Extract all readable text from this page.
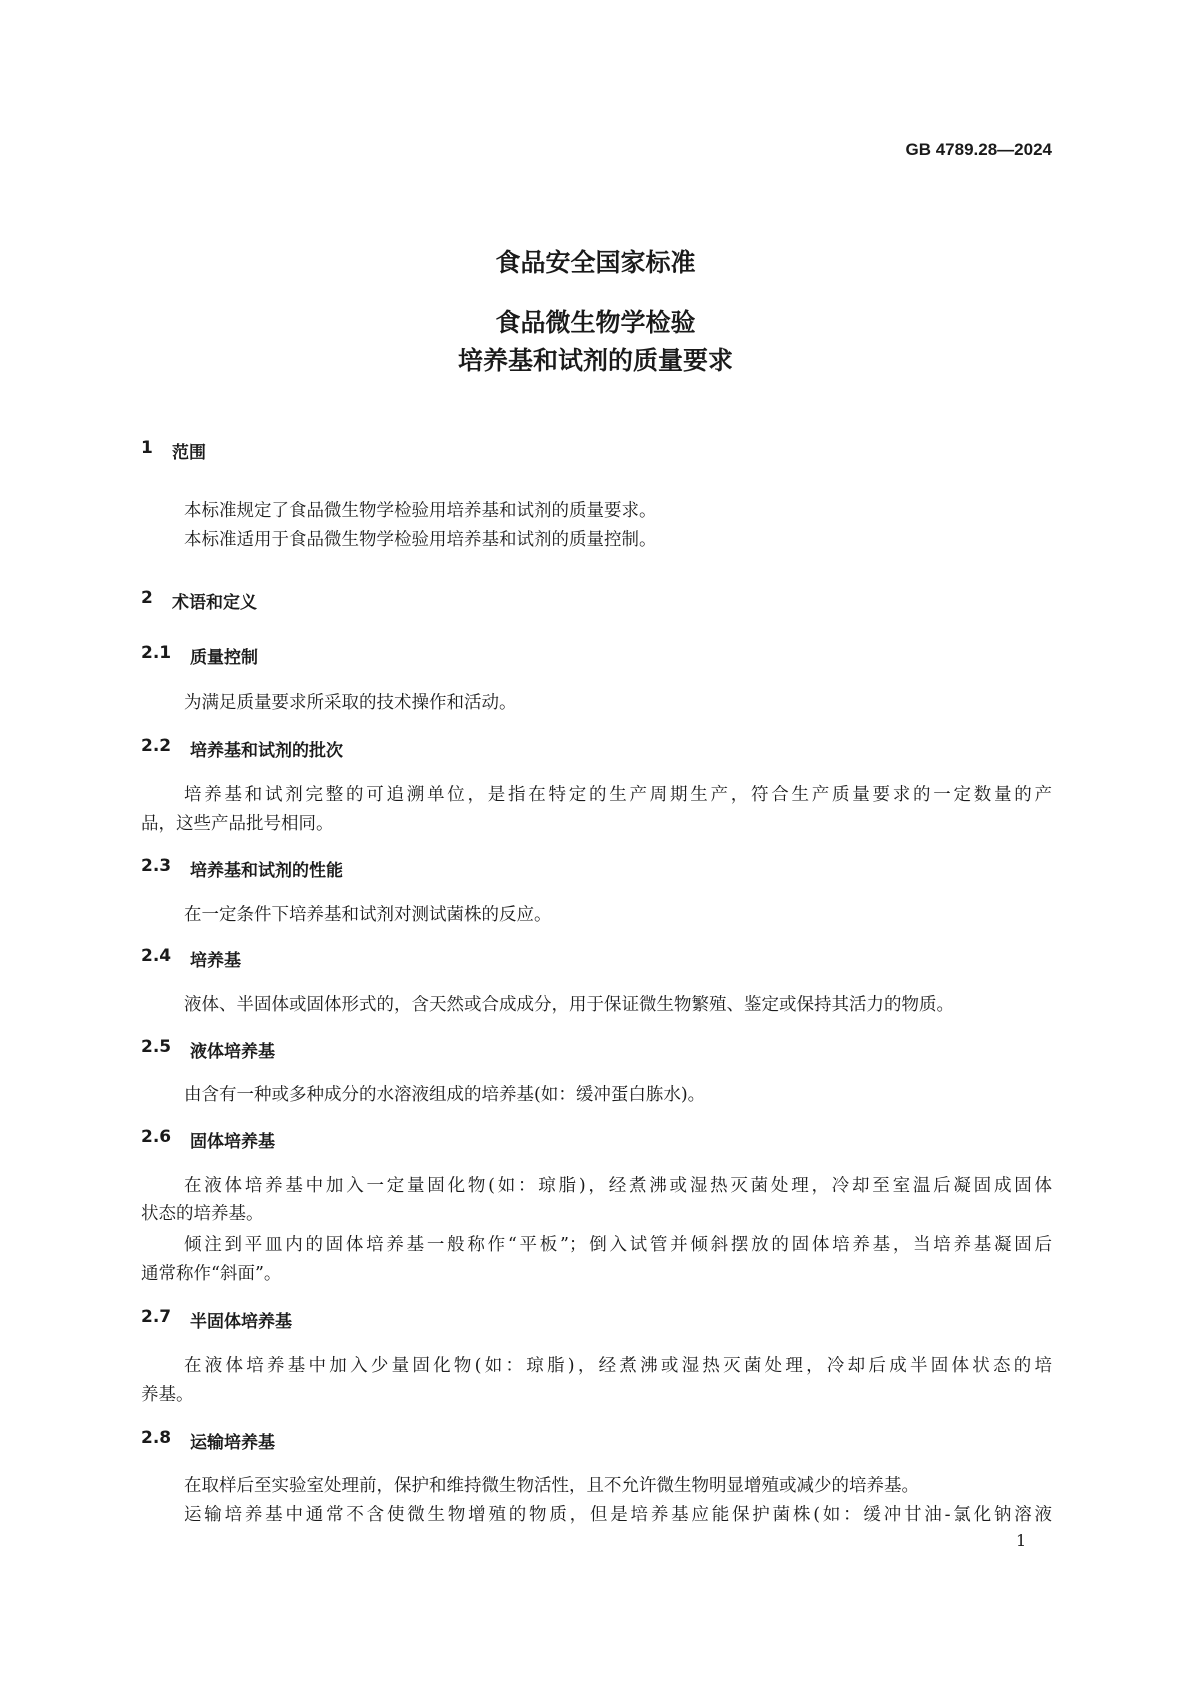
GB 4789.28—2024
食品安全国家标准
食品微生物学检验
培养基和试剂的质量要求
1 范围
本标准规定了食品微生物学检验用培养基和试剂的质量要求。
本标准适用于食品微生物学检验用培养基和试剂的质量控制。
2 术语和定义
2.1 质量控制
为满足质量要求所采取的技术操作和活动。
2.2 培养基和试剂的批次
培养基和试剂完整的可追溯单位，是指在特定的生产周期生产，符合生产质量要求的一定数量的产
品，这些产品批号相同。
2.3 培养基和试剂的性能
在一定条件下培养基和试剂对测试菌株的反应。
2.4 培养基
液体、半固体或固体形式的，含天然或合成成分，用于保证微生物繁殖、鉴定或保持其活力的物质。
2.5 液体培养基
由含有一种或多种成分的水溶液组成的培养基(如：缓冲蛋白胨水)。
2.6 固体培养基
在液体培养基中加入一定量固化物(如：琼脂)，经煮沸或湿热灭菌处理，冷却至室温后凝固成固体
状态的培养基。
倾注到平皿内的固体培养基一般称作“平板”；倒入试管并倾斜摆放的固体培养基，当培养基凝固后
通常称作“斜面”。
2.7 半固体培养基
在液体培养基中加入少量固化物(如：琼脂)，经煮沸或湿热灭菌处理，冷却后成半固体状态的培
养基。
2.8 运输培养基
在取样后至实验室处理前，保护和维持微生物活性，且不允许微生物明显增殖或减少的培养基。
运输培养基中通常不含使微生物增殖的物质，但是培养基应能保护菌株(如：缓冲甘油-氯化钠溶液
1
